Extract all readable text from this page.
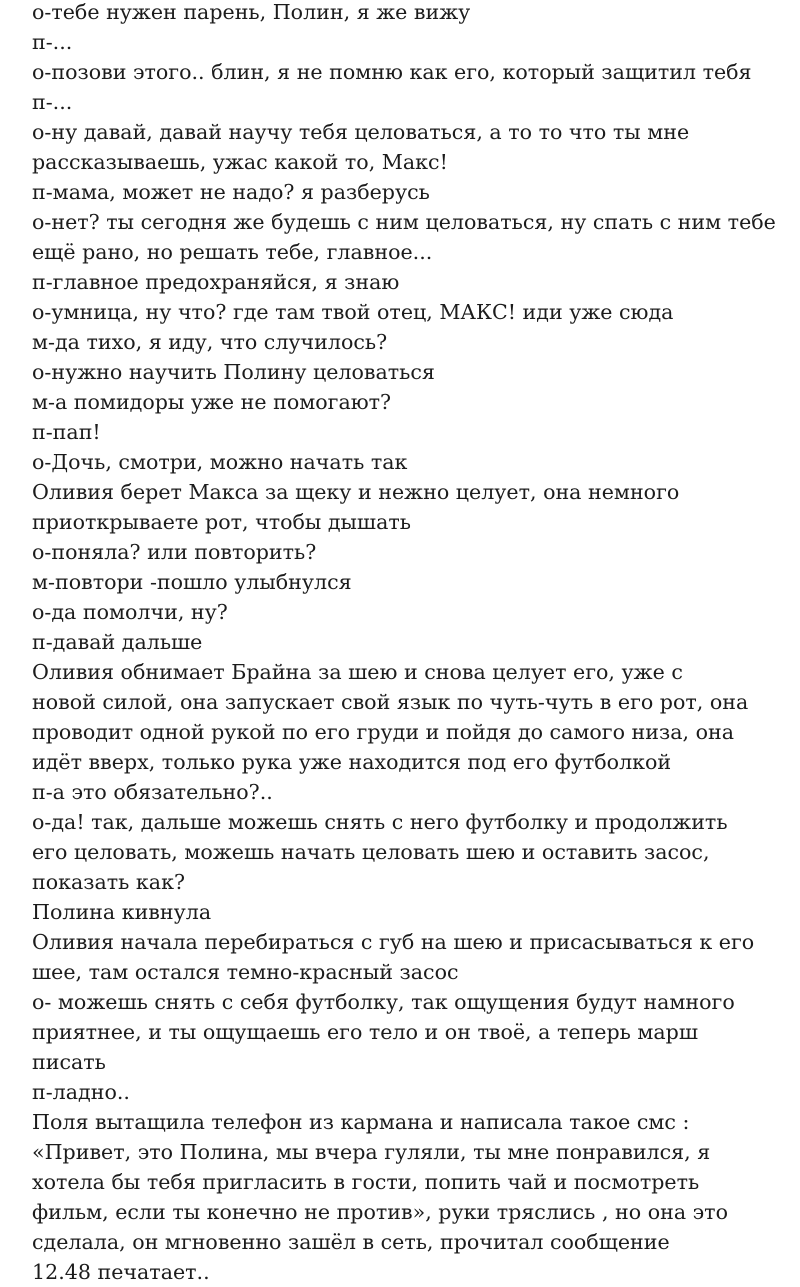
о-тебе нужен парень, Полин, я же вижу
п-...
о-позови этого.. блин, я не помню как его, который защитил тебя
п-...
о-ну давай, давай научу тебя целоваться, а то то что ты мне
рассказываешь, ужас какой то, Макс!
п-мама, может не надо? я разберусь
о-нет? ты сегодня же будешь с ним целоваться, ну спать с ним тебе
ещё рано, но решать тебе, главное...
п-главное предохраняйся, я знаю
о-умница, ну что? где там твой отец, МАКС! иди уже сюда
м-да тихо, я иду, что случилось?
о-нужно научить Полину целоваться
м-а помидоры уже не помогают?
п-пап!
о-Дочь, смотри, можно начать так
Оливия берет Макса за щеку и нежно целует, она немного
приоткрываете рот, чтобы дышать
о-поняла? или повторить?
м-повтори -пошло улыбнулся
о-да помолчи, ну?
п-давай дальше
Оливия обнимает Брайна за шею и снова целует его, уже с
новой силой, она запускает свой язык по чуть-чуть в его рот, она
проводит одной рукой по его груди и пойдя до самого низа, она
идёт вверх, только рука уже находится под его футболкой
п-а это обязательно?..
о-да! так, дальше можешь снять с него футболку и продолжить
его целовать, можешь начать целовать шею и оставить засос,
показать как?
Полина кивнула
Оливия начала перебираться с губ на шею и присасываться к его
шее, там остался темно-красный засос
о- можешь снять с себя футболку, так ощущения будут намного
приятнее, и ты ощущаешь его тело и он твоё, а теперь марш
писать
п-ладно..
Поля вытащила телефон из кармана и написала такое смс :
«Привет, это Полина, мы вчера гуляли, ты мне понравился, я
хотела бы тебя пригласить в гости, попить чай и посмотреть
фильм, если ты конечно не против», руки тряслись , но она это
сделала, он мгновенно зашёл в сеть, прочитал сообщение
12.48 печатает..
